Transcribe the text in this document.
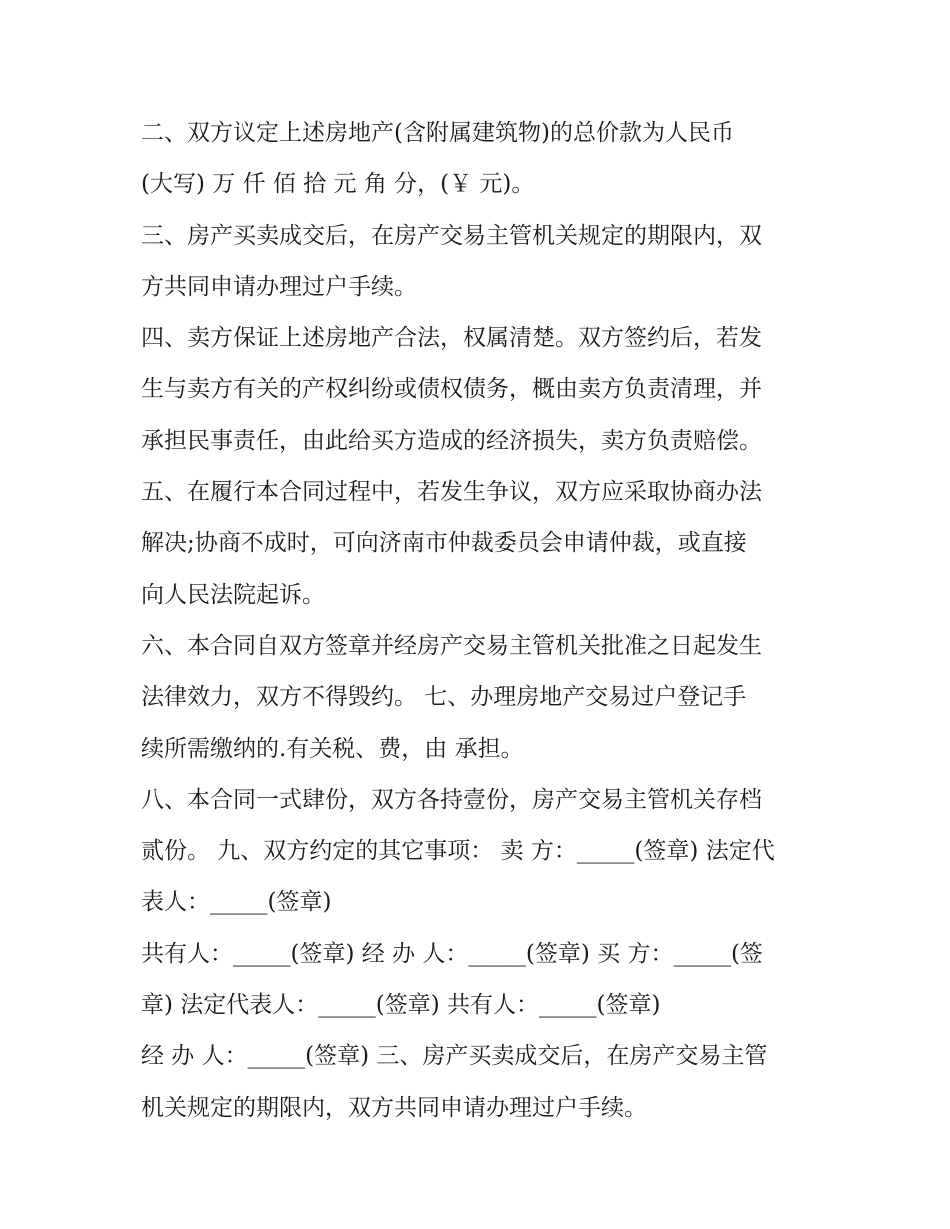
二、双方议定上述房地产(含附属建筑物)的总价款为人民币
(大写) 万 仟 佰 拾 元 角 分，(￥ 元)。
三、房产买卖成交后，在房产交易主管机关规定的期限内，双
方共同申请办理过户手续。
四、卖方保证上述房地产合法，权属清楚。双方签约后，若发
生与卖方有关的产权纠纷或债权债务，概由卖方负责清理，并
承担民事责任，由此给买方造成的经济损失，卖方负责赔偿。
五、在履行本合同过程中，若发生争议，双方应采取协商办法
解决;协商不成时，可向济南市仲裁委员会申请仲裁，或直接
向人民法院起诉。
六、本合同自双方签章并经房产交易主管机关批准之日起发生
法律效力，双方不得毁约。 七、办理房地产交易过户登记手
续所需缴纳的.有关税、费，由 承担。
八、本合同一式肆份，双方各持壹份，房产交易主管机关存档
贰份。 九、双方约定的其它事项： 卖 方：_____(签章) 法定代
表人：_____(签章)
共有人：_____(签章) 经 办 人：_____(签章) 买 方：_____(签
章) 法定代表人：_____(签章) 共有人：_____(签章)
经 办 人：_____(签章) 三、房产买卖成交后，在房产交易主管
机关规定的期限内，双方共同申请办理过户手续。
